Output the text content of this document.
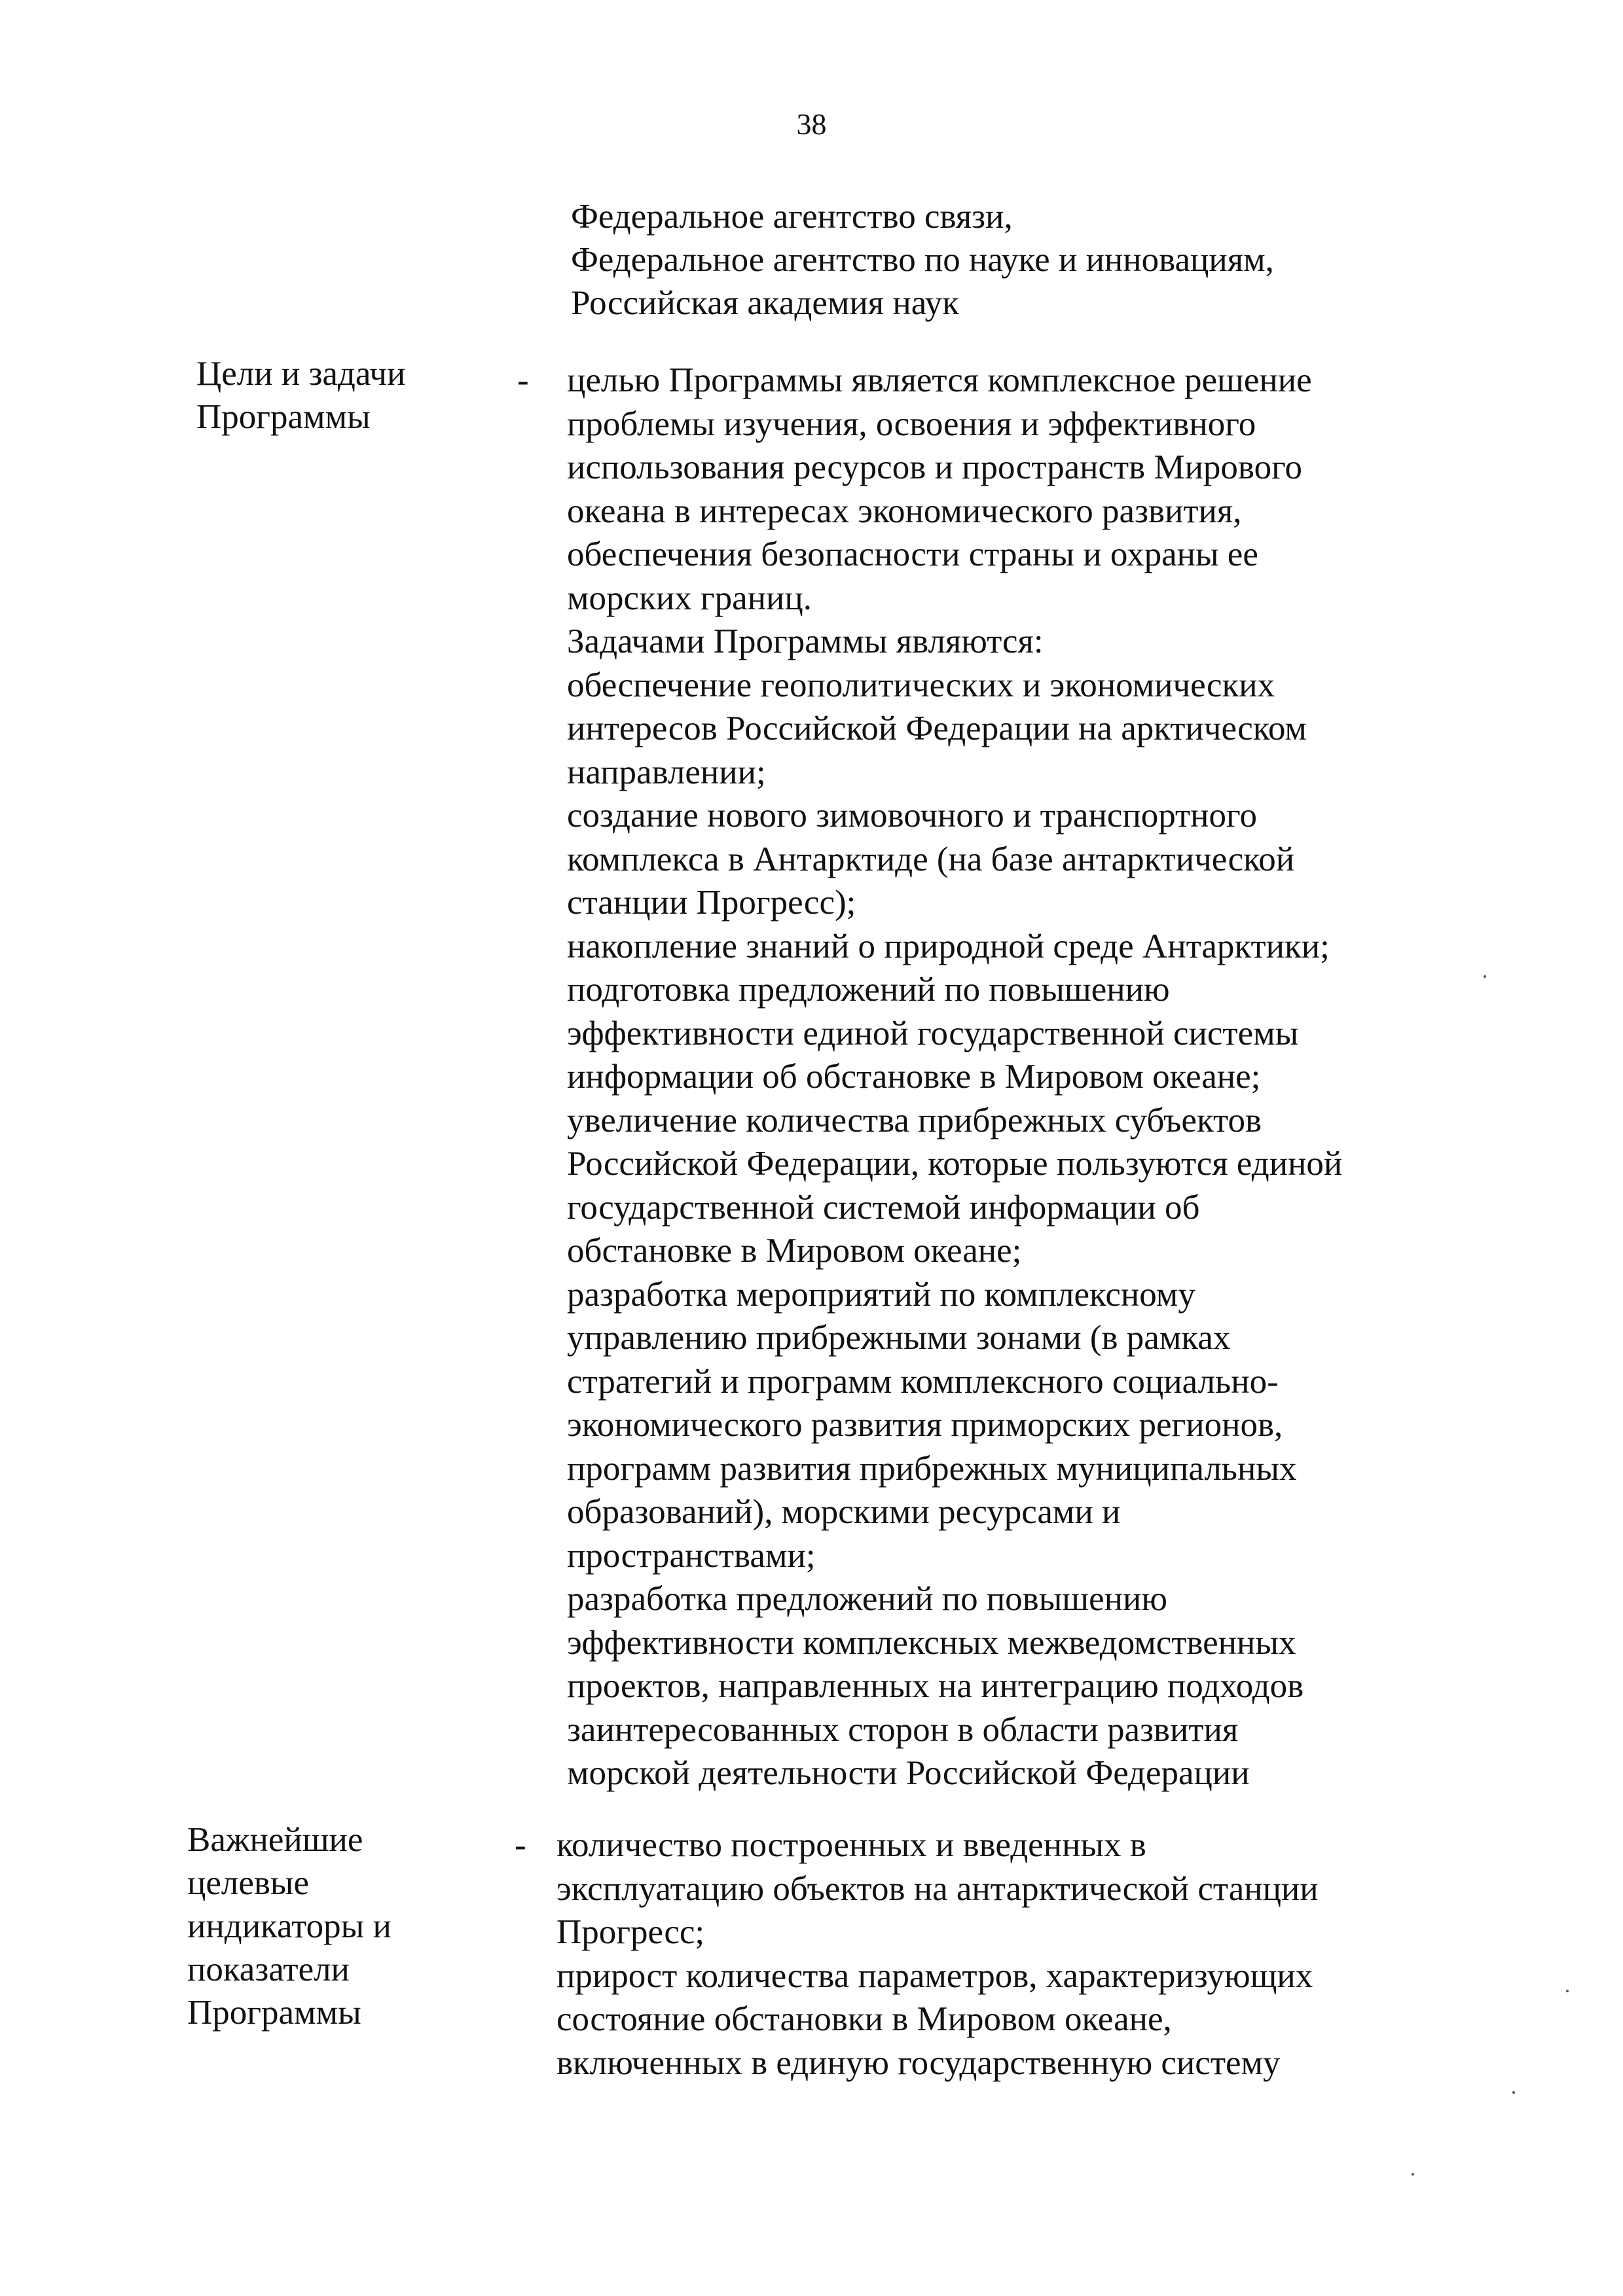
38
Федеральное агентство связи,
Федеральное агентство по науке и инновациям,
Российская академия наук
Цели и задачи
Программы
- целью Программы является комплексное решение
проблемы изучения, освоения и эффективного
использования ресурсов и пространств Мирового
океана в интересах экономического развития,
обеспечения безопасности страны и охраны ее
морских границ.
Задачами Программы являются:
обеспечение геополитических и экономических
интересов Российской Федерации на арктическом
направлении;
создание нового зимовочного и транспортного
комплекса в Антарктиде (на базе антарктической
станции Прогресс);
накопление знаний о природной среде Антарктики;
подготовка предложений по повышению
эффективности единой государственной системы
информации об обстановке в Мировом океане;
увеличение количества прибрежных субъектов
Российской Федерации, которые пользуются единой
государственной системой информации об
обстановке в Мировом океане;
разработка мероприятий по комплексному
управлению прибрежными зонами (в рамках
стратегий и программ комплексного социально-
экономического развития приморских регионов,
программ развития прибрежных муниципальных
образований), морскими ресурсами и
пространствами;
разработка предложений по повышению
эффективности комплексных межведомственных
проектов, направленных на интеграцию подходов
заинтересованных сторон в области развития
морской деятельности Российской Федерации
Важнейшие
целевые
индикаторы и
показатели
Программы
- количество построенных и введенных в
эксплуатацию объектов на антарктической станции
Прогресс;
прирост количества параметров, характеризующих
состояние обстановки в Мировом океане,
включенных в единую государственную систему
